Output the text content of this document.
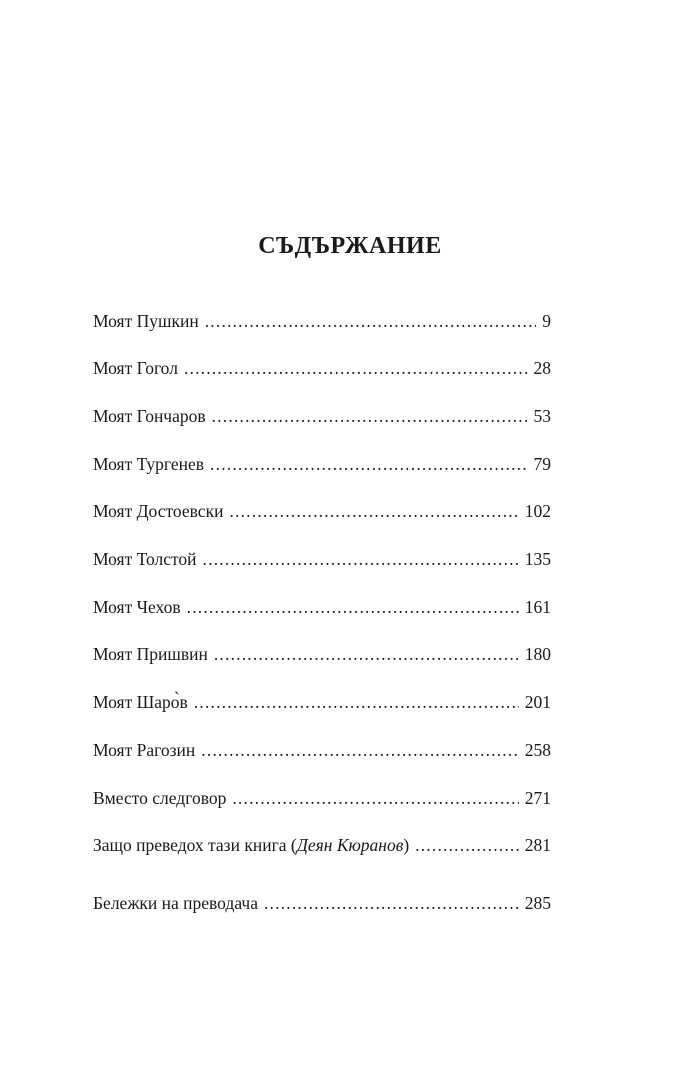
СЪДЪРЖАНИЕ
Моят Пушкин .....	9
Моят Гогол .....	28
Моят Гончаров .....	53
Моят Тургенев .....	79
Моят Достоевски .....	102
Моят Толстой .....	135
Моят Чехов .....	161
Моят Пришвин .....	180
Моят Шаро̀в .....	201
Моят Рагозин .....	258
Вместо следговор .....	271
Защо преведох тази книга (Деян Кюранов) .....	281
Бележки на преводача .....	285
